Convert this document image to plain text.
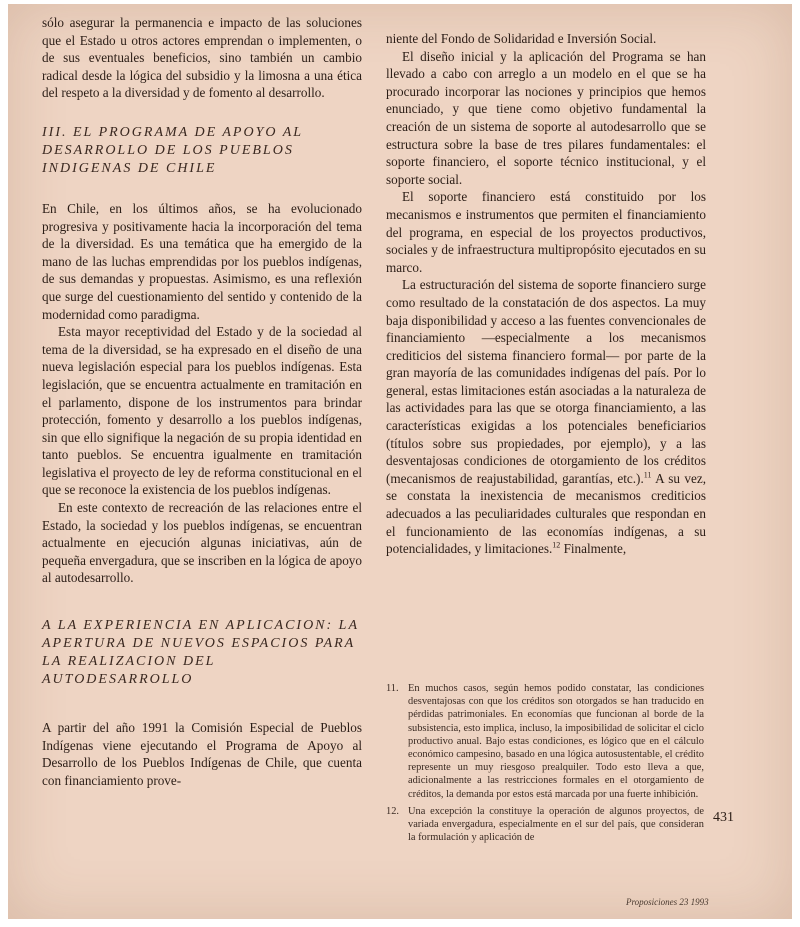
sólo asegurar la permanencia e impacto de las soluciones que el Estado u otros actores emprendan o implementen, o de sus eventuales beneficios, sino también un cambio radical desde la lógica del subsidio y la limosna a una ética del respeto a la diversidad y de fomento al desarrollo.

III. EL PROGRAMA DE APOYO AL DESARROLLO DE LOS PUEBLOS INDIGENAS DE CHILE

En Chile, en los últimos años, se ha evolucionado progresiva y positivamente hacia la incorporación del tema de la diversidad. Es una temática que ha emergido de la mano de las luchas emprendidas por los pueblos indígenas, de sus demandas y propuestas. Asimismo, es una reflexión que surge del cuestionamiento del sentido y contenido de la modernidad como paradigma.

Esta mayor receptividad del Estado y de la sociedad al tema de la diversidad, se ha expresado en el diseño de una nueva legislación especial para los pueblos indígenas. Esta legislación, que se encuentra actualmente en tramitación en el parlamento, dispone de los instrumentos para brindar protección, fomento y desarrollo a los pueblos indígenas, sin que ello signifique la negación de su propia identidad en tanto pueblos. Se encuentra igualmente en tramitación legislativa el proyecto de ley de reforma constitucional en el que se reconoce la existencia de los pueblos indígenas.

En este contexto de recreación de las relaciones entre el Estado, la sociedad y los pueblos indígenas, se encuentran actualmente en ejecución algunas iniciativas, aún de pequeña envergadura, que se inscriben en la lógica de apoyo al autodesarrollo.

A LA EXPERIENCIA EN APLICACION: LA APERTURA DE NUEVOS ESPACIOS PARA LA REALIZACION DEL AUTODESARROLLO

A partir del año 1991 la Comisión Especial de Pueblos Indígenas viene ejecutando el Programa de Apoyo al Desarrollo de los Pueblos Indígenas de Chile, que cuenta con financiamiento prove-

niente del Fondo de Solidaridad e Inversión Social.

El diseño inicial y la aplicación del Programa se han llevado a cabo con arreglo a un modelo en el que se ha procurado incorporar las nociones y principios que hemos enunciado, y que tiene como objetivo fundamental la creación de un sistema de soporte al autodesarrollo que se estructura sobre la base de tres pilares fundamentales: el soporte financiero, el soporte técnico institucional, y el soporte social.

El soporte financiero está constituido por los mecanismos e instrumentos que permiten el financiamiento del programa, en especial de los proyectos productivos, sociales y de infraestructura multipropósito ejecutados en su marco.

La estructuración del sistema de soporte financiero surge como resultado de la constatación de dos aspectos. La muy baja disponibilidad y acceso a las fuentes convencionales de financiamiento —especialmente a los mecanismos crediticios del sistema financiero formal— por parte de la gran mayoría de las comunidades indígenas del país. Por lo general, estas limitaciones están asociadas a la naturaleza de las actividades para las que se otorga financiamiento, a las características exigidas a los potenciales beneficiarios (títulos sobre sus propiedades, por ejemplo), y a las desventajosas condiciones de otorgamiento de los créditos (mecanismos de reajustabilidad, garantías, etc.).$^{11}$ A su vez, se constata la inexistencia de mecanismos crediticios adecuados a las peculiaridades culturales que respondan en el funcionamiento de las economías indígenas, a su potencialidades, y limitaciones.$^{12}$ Finalmente,

11. En muchos casos, según hemos podido constatar, las condiciones desventajosas con que los créditos son otorgados se han traducido en pérdidas patrimoniales. En economías que funcionan al borde de la subsistencia, esto implica, incluso, la imposibilidad de solicitar el ciclo productivo anual. Bajo estas condiciones, es lógico que en el cálculo económico campesino, basado en una lógica autosustentable, el crédito represente un muy riesgoso prealquiler. Todo esto lleva a que, adicionalmente a las restricciones formales en el otorgamiento de créditos, la demanda por estos está marcada por una fuerte inhibición.
12. Una excepción la constituye la operación de algunos proyectos, de variada envergadura, especialmente en el sur del país, que consideran la formulación y aplicación de
431
Proposiciones 23 1993
